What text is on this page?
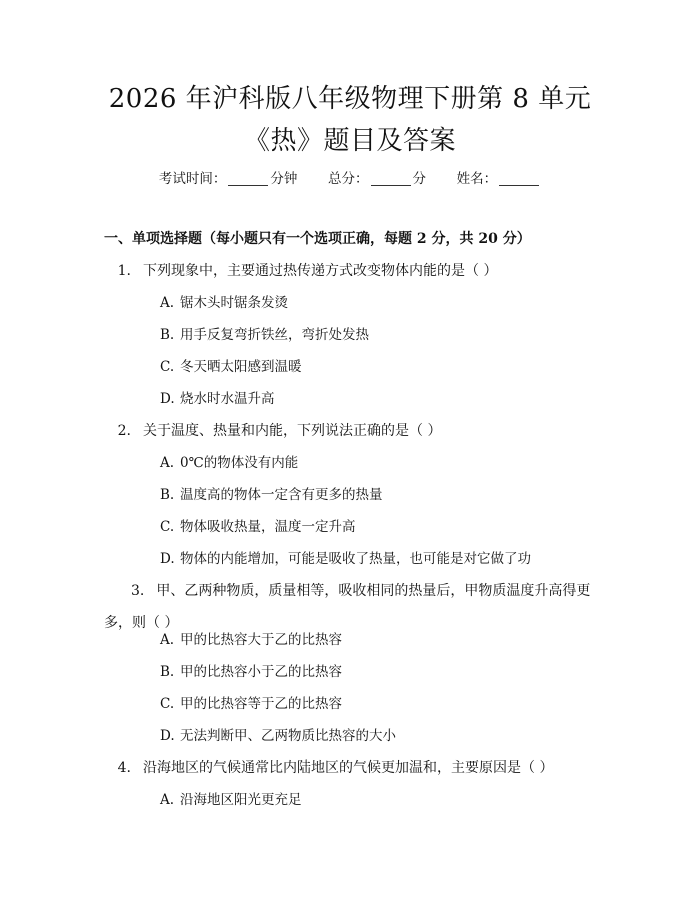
2026 年沪科版八年级物理下册第 8 单元
《热》题目及答案
考试时间：	分钟 总分：	分 姓名：
一、单项选择题（每小题只有一个选项正确，每题 2 分，共 20 分）
1. 下列现象中，主要通过热传递方式改变物体内能的是（ ）
A. 锯木头时锯条发烫
B. 用手反复弯折铁丝，弯折处发热
C. 冬天晒太阳感到温暖
D. 烧水时水温升高
2. 关于温度、热量和内能，下列说法正确的是（ ）
A. 0℃的物体没有内能
B. 温度高的物体一定含有更多的热量
C. 物体吸收热量，温度一定升高
D. 物体的内能增加，可能是吸收了热量，也可能是对它做了功
3. 甲、乙两种物质，质量相等，吸收相同的热量后，甲物质温度升高得更多，则（ ）
A. 甲的比热容大于乙的比热容
B. 甲的比热容小于乙的比热容
C. 甲的比热容等于乙的比热容
D. 无法判断甲、乙两物质比热容的大小
4. 沿海地区的气候通常比内陆地区的气候更加温和，主要原因是（ ）
A. 沿海地区阳光更充足
